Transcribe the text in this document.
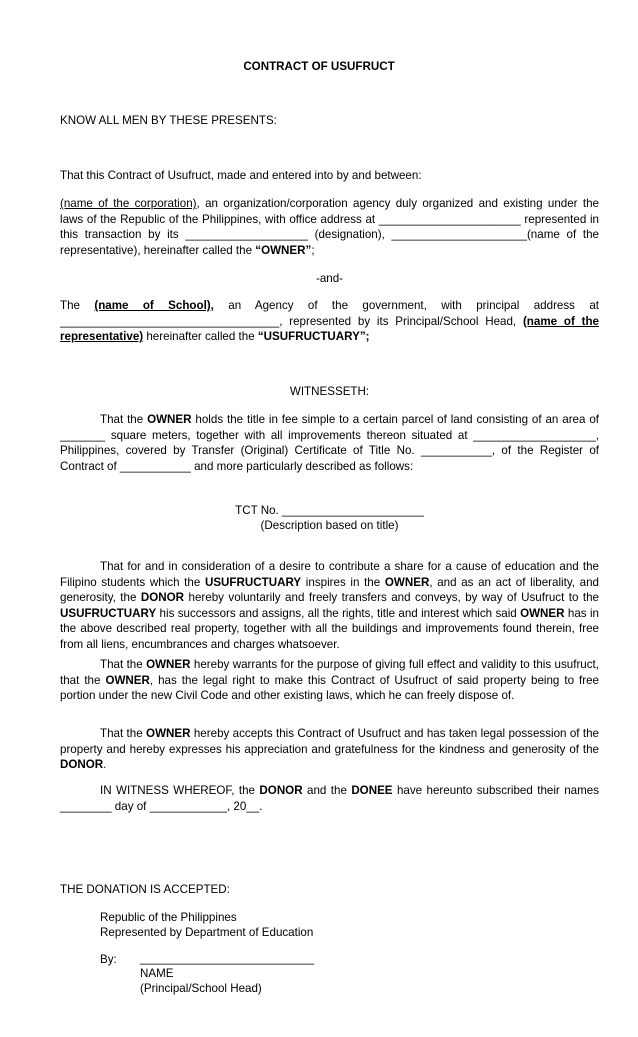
CONTRACT OF USUFRUCT

KNOW ALL MEN BY THESE PRESENTS:

That this Contract of Usufruct, made and entered into by and between:

(name of the corporation), an organization/corporation agency duly organized and existing under the laws of the Republic of the Philippines, with office address at ______________________ represented in this transaction by its ___________________ (designation), _____________________(name of the representative), hereinafter called the “OWNER”;

-and-

The (name of School), an Agency of the government, with principal address at __________________________________, represented by its Principal/School Head, (name of the representative) hereinafter called the “USUFRUCTUARY”;

WITNESSETH:

That the OWNER holds the title in fee simple to a certain parcel of land consisting of an area of _______ square meters, together with all improvements thereon situated at ___________________, Philippines, covered by Transfer (Original) Certificate of Title No. ___________, of the Register of Contract of ___________ and more particularly described as follows:

TCT No. ______________________

(Description based on title)

That for and in consideration of a desire to contribute a share for a cause of education and the Filipino students which the USUFRUCTUARY inspires in the OWNER, and as an act of liberality, and generosity, the DONOR hereby voluntarily and freely transfers and conveys, by way of Usufruct to the USUFRUCTUARY his successors and assigns, all the rights, title and interest which said OWNER has in the above described real property, together with all the buildings and improvements found therein, free from all liens, encumbrances and charges whatsoever.

That the OWNER hereby warrants for the purpose of giving full effect and validity to this usufruct, that the OWNER, has the legal right to make this Contract of Usufruct of said property being to free portion under the new Civil Code and other existing laws, which he can freely dispose of.

That the OWNER hereby accepts this Contract of Usufruct and has taken legal possession of the property and hereby expresses his appreciation and gratefulness for the kindness and generosity of the DONOR.

IN WITNESS WHEREOF, the DONOR and the DONEE have hereunto subscribed their names ________ day of ____________, 20__.

THE DONATION IS ACCEPTED:
Republic of the Philippines
Represented by Department of Education
By: ___________________________
NAME
(Principal/School Head)
